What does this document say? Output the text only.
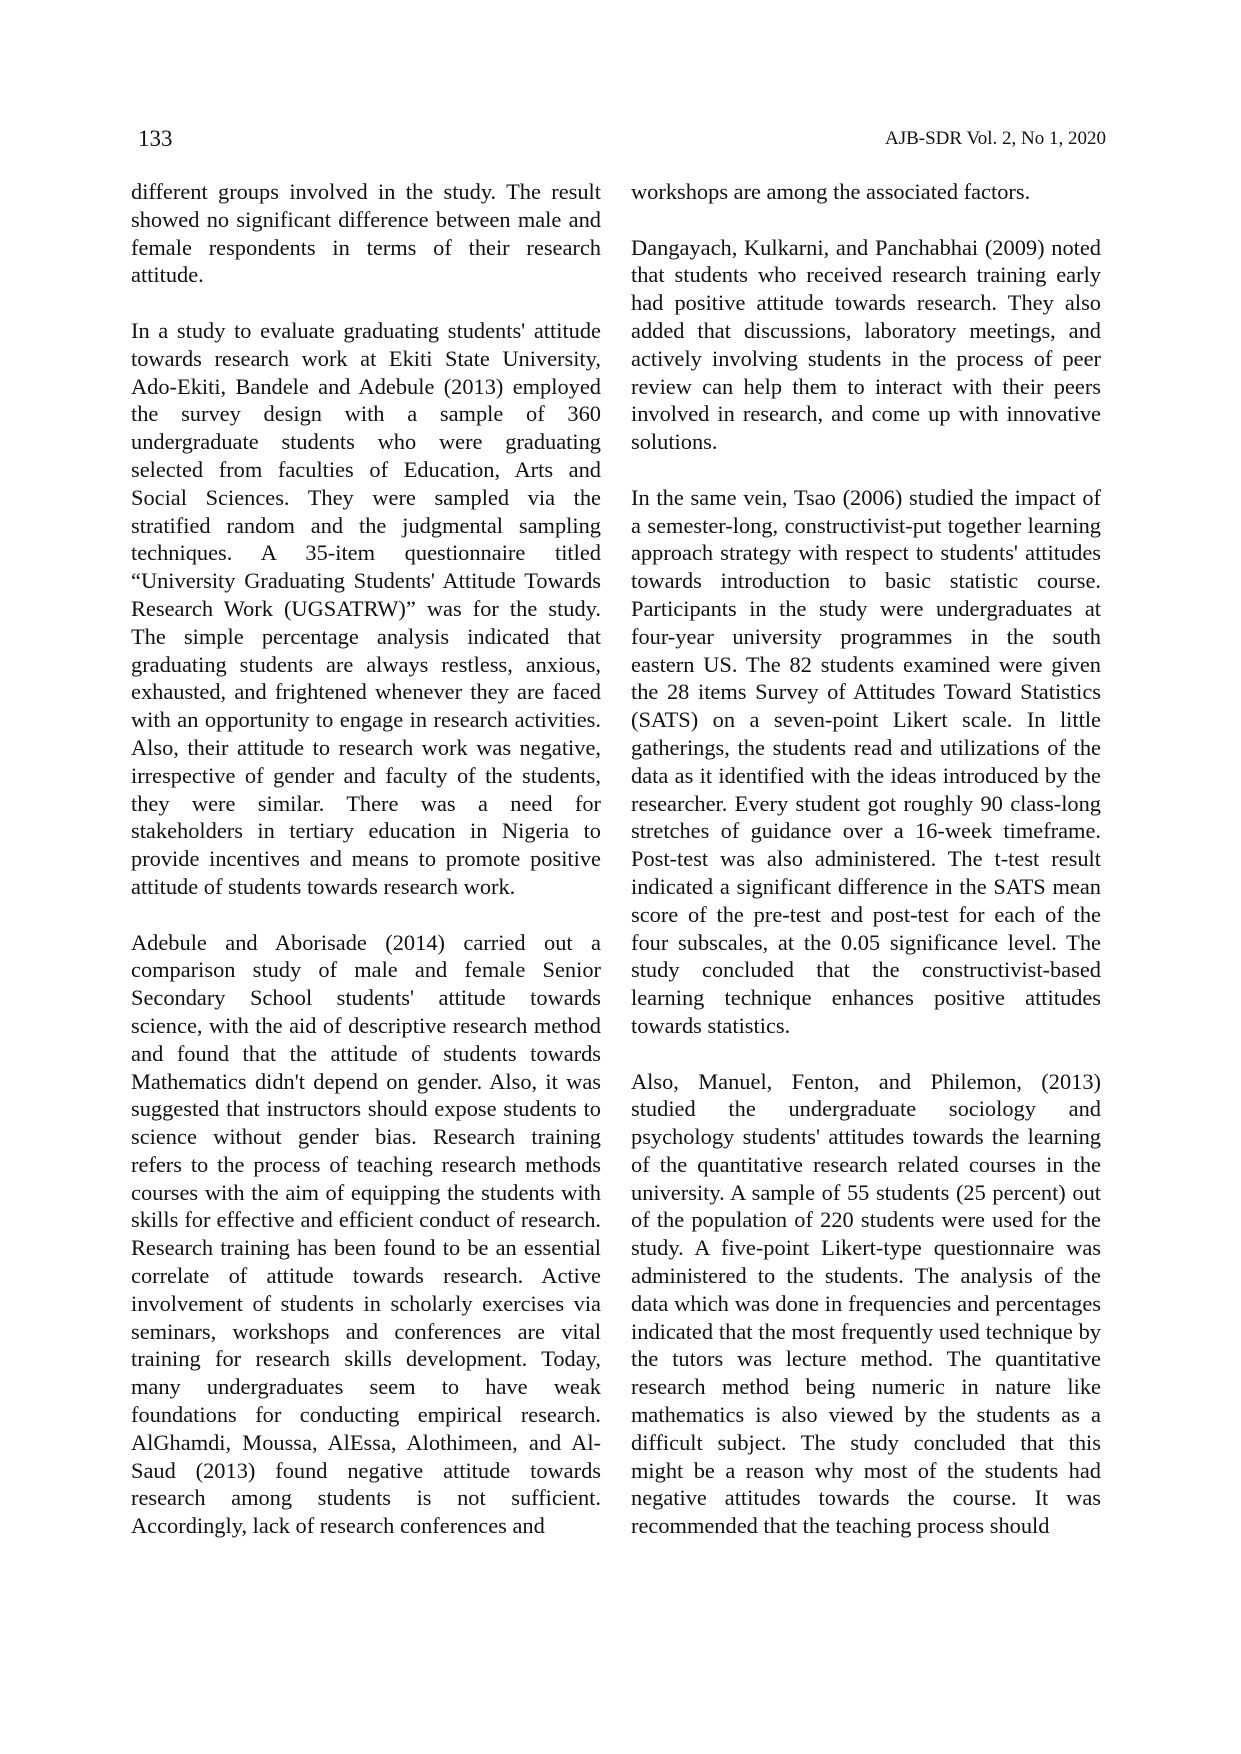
133	AJB-SDR Vol. 2, No 1, 2020

different groups involved in the study. The result showed no significant difference between male and female respondents in terms of their research attitude.

In a study to evaluate graduating students' attitude towards research work at Ekiti State University, Ado-Ekiti, Bandele and Adebule (2013) employed the survey design with a sample of 360 undergraduate students who were graduating selected from faculties of Education, Arts and Social Sciences. They were sampled via the stratified random and the judgmental sampling techniques. A 35-item questionnaire titled “University Graduating Students' Attitude Towards Research Work (UGSATRW)” was for the study. The simple percentage analysis indicated that graduating students are always restless, anxious, exhausted, and frightened whenever they are faced with an opportunity to engage in research activities. Also, their attitude to research work was negative, irrespective of gender and faculty of the students, they were similar. There was a need for stakeholders in tertiary education in Nigeria to provide incentives and means to promote positive attitude of students towards research work.

Adebule and Aborisade (2014) carried out a comparison study of male and female Senior Secondary School students' attitude towards science, with the aid of descriptive research method and found that the attitude of students towards Mathematics didn't depend on gender. Also, it was suggested that instructors should expose students to science without gender bias. Research training refers to the process of teaching research methods courses with the aim of equipping the students with skills for effective and efficient conduct of research. Research training has been found to be an essential correlate of attitude towards research. Active involvement of students in scholarly exercises via seminars, workshops and conferences are vital training for research skills development. Today, many undergraduates seem to have weak foundations for conducting empirical research. AlGhamdi, Moussa, AlEssa, Alothimeen, and Al-Saud (2013) found negative attitude towards research among students is not sufficient. Accordingly, lack of research conferences and

workshops are among the associated factors.

Dangayach, Kulkarni, and Panchabhai (2009) noted that students who received research training early had positive attitude towards research. They also added that discussions, laboratory meetings, and actively involving students in the process of peer review can help them to interact with their peers involved in research, and come up with innovative solutions.

In the same vein, Tsao (2006) studied the impact of a semester-long, constructivist-put together learning approach strategy with respect to students' attitudes towards introduction to basic statistic course. Participants in the study were undergraduates at four-year university programmes in the south eastern US. The 82 students examined were given the 28 items Survey of Attitudes Toward Statistics (SATS) on a seven-point Likert scale. In little gatherings, the students read and utilizations of the data as it identified with the ideas introduced by the researcher. Every student got roughly 90 class-long stretches of guidance over a 16-week timeframe. Post-test was also administered. The t-test result indicated a significant difference in the SATS mean score of the pre-test and post-test for each of the four subscales, at the 0.05 significance level. The study concluded that the constructivist-based learning technique enhances positive attitudes towards statistics.

Also, Manuel, Fenton, and Philemon, (2013) studied the undergraduate sociology and psychology students' attitudes towards the learning of the quantitative research related courses in the university. A sample of 55 students (25 percent) out of the population of 220 students were used for the study. A five-point Likert-type questionnaire was administered to the students. The analysis of the data which was done in frequencies and percentages indicated that the most frequently used technique by the tutors was lecture method. The quantitative research method being numeric in nature like mathematics is also viewed by the students as a difficult subject. The study concluded that this might be a reason why most of the students had negative attitudes towards the course. It was recommended that the teaching process should
